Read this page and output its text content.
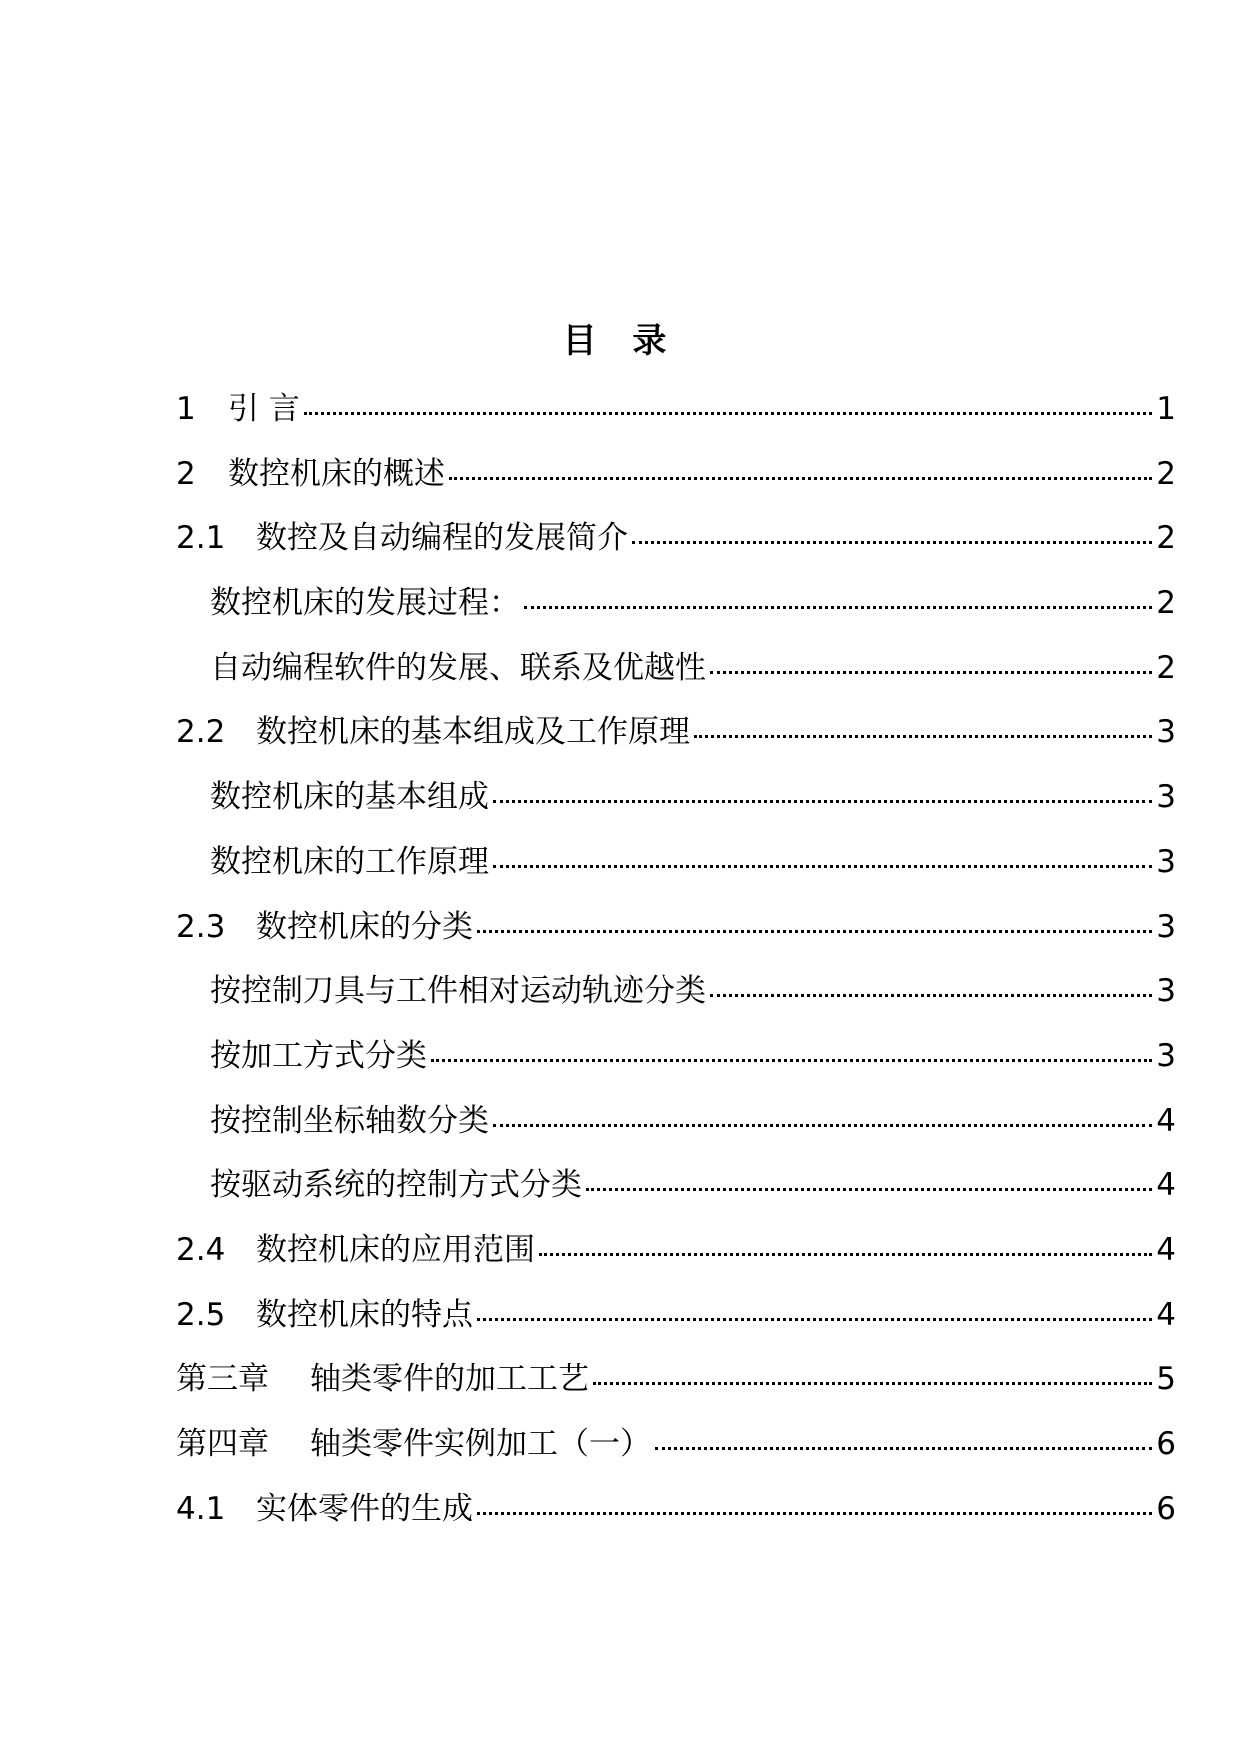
目 录
1	引 言	1
2	数控机床的概述	2
2.1 数控及自动编程的发展简介	2
数控机床的发展过程：	2
自动编程软件的发展、联系及优越性	2
2.2 数控机床的基本组成及工作原理	3
数控机床的基本组成	3
数控机床的工作原理	3
2.3 数控机床的分类	3
按控制刀具与工件相对运动轨迹分类	3
按加工方式分类	3
按控制坐标轴数分类	4
按驱动系统的控制方式分类	4
2.4 数控机床的应用范围	4
2.5 数控机床的特点	4
第三章	轴类零件的加工工艺	5
第四章	轴类零件实例加工（一）	6
4.1 实体零件的生成	6
